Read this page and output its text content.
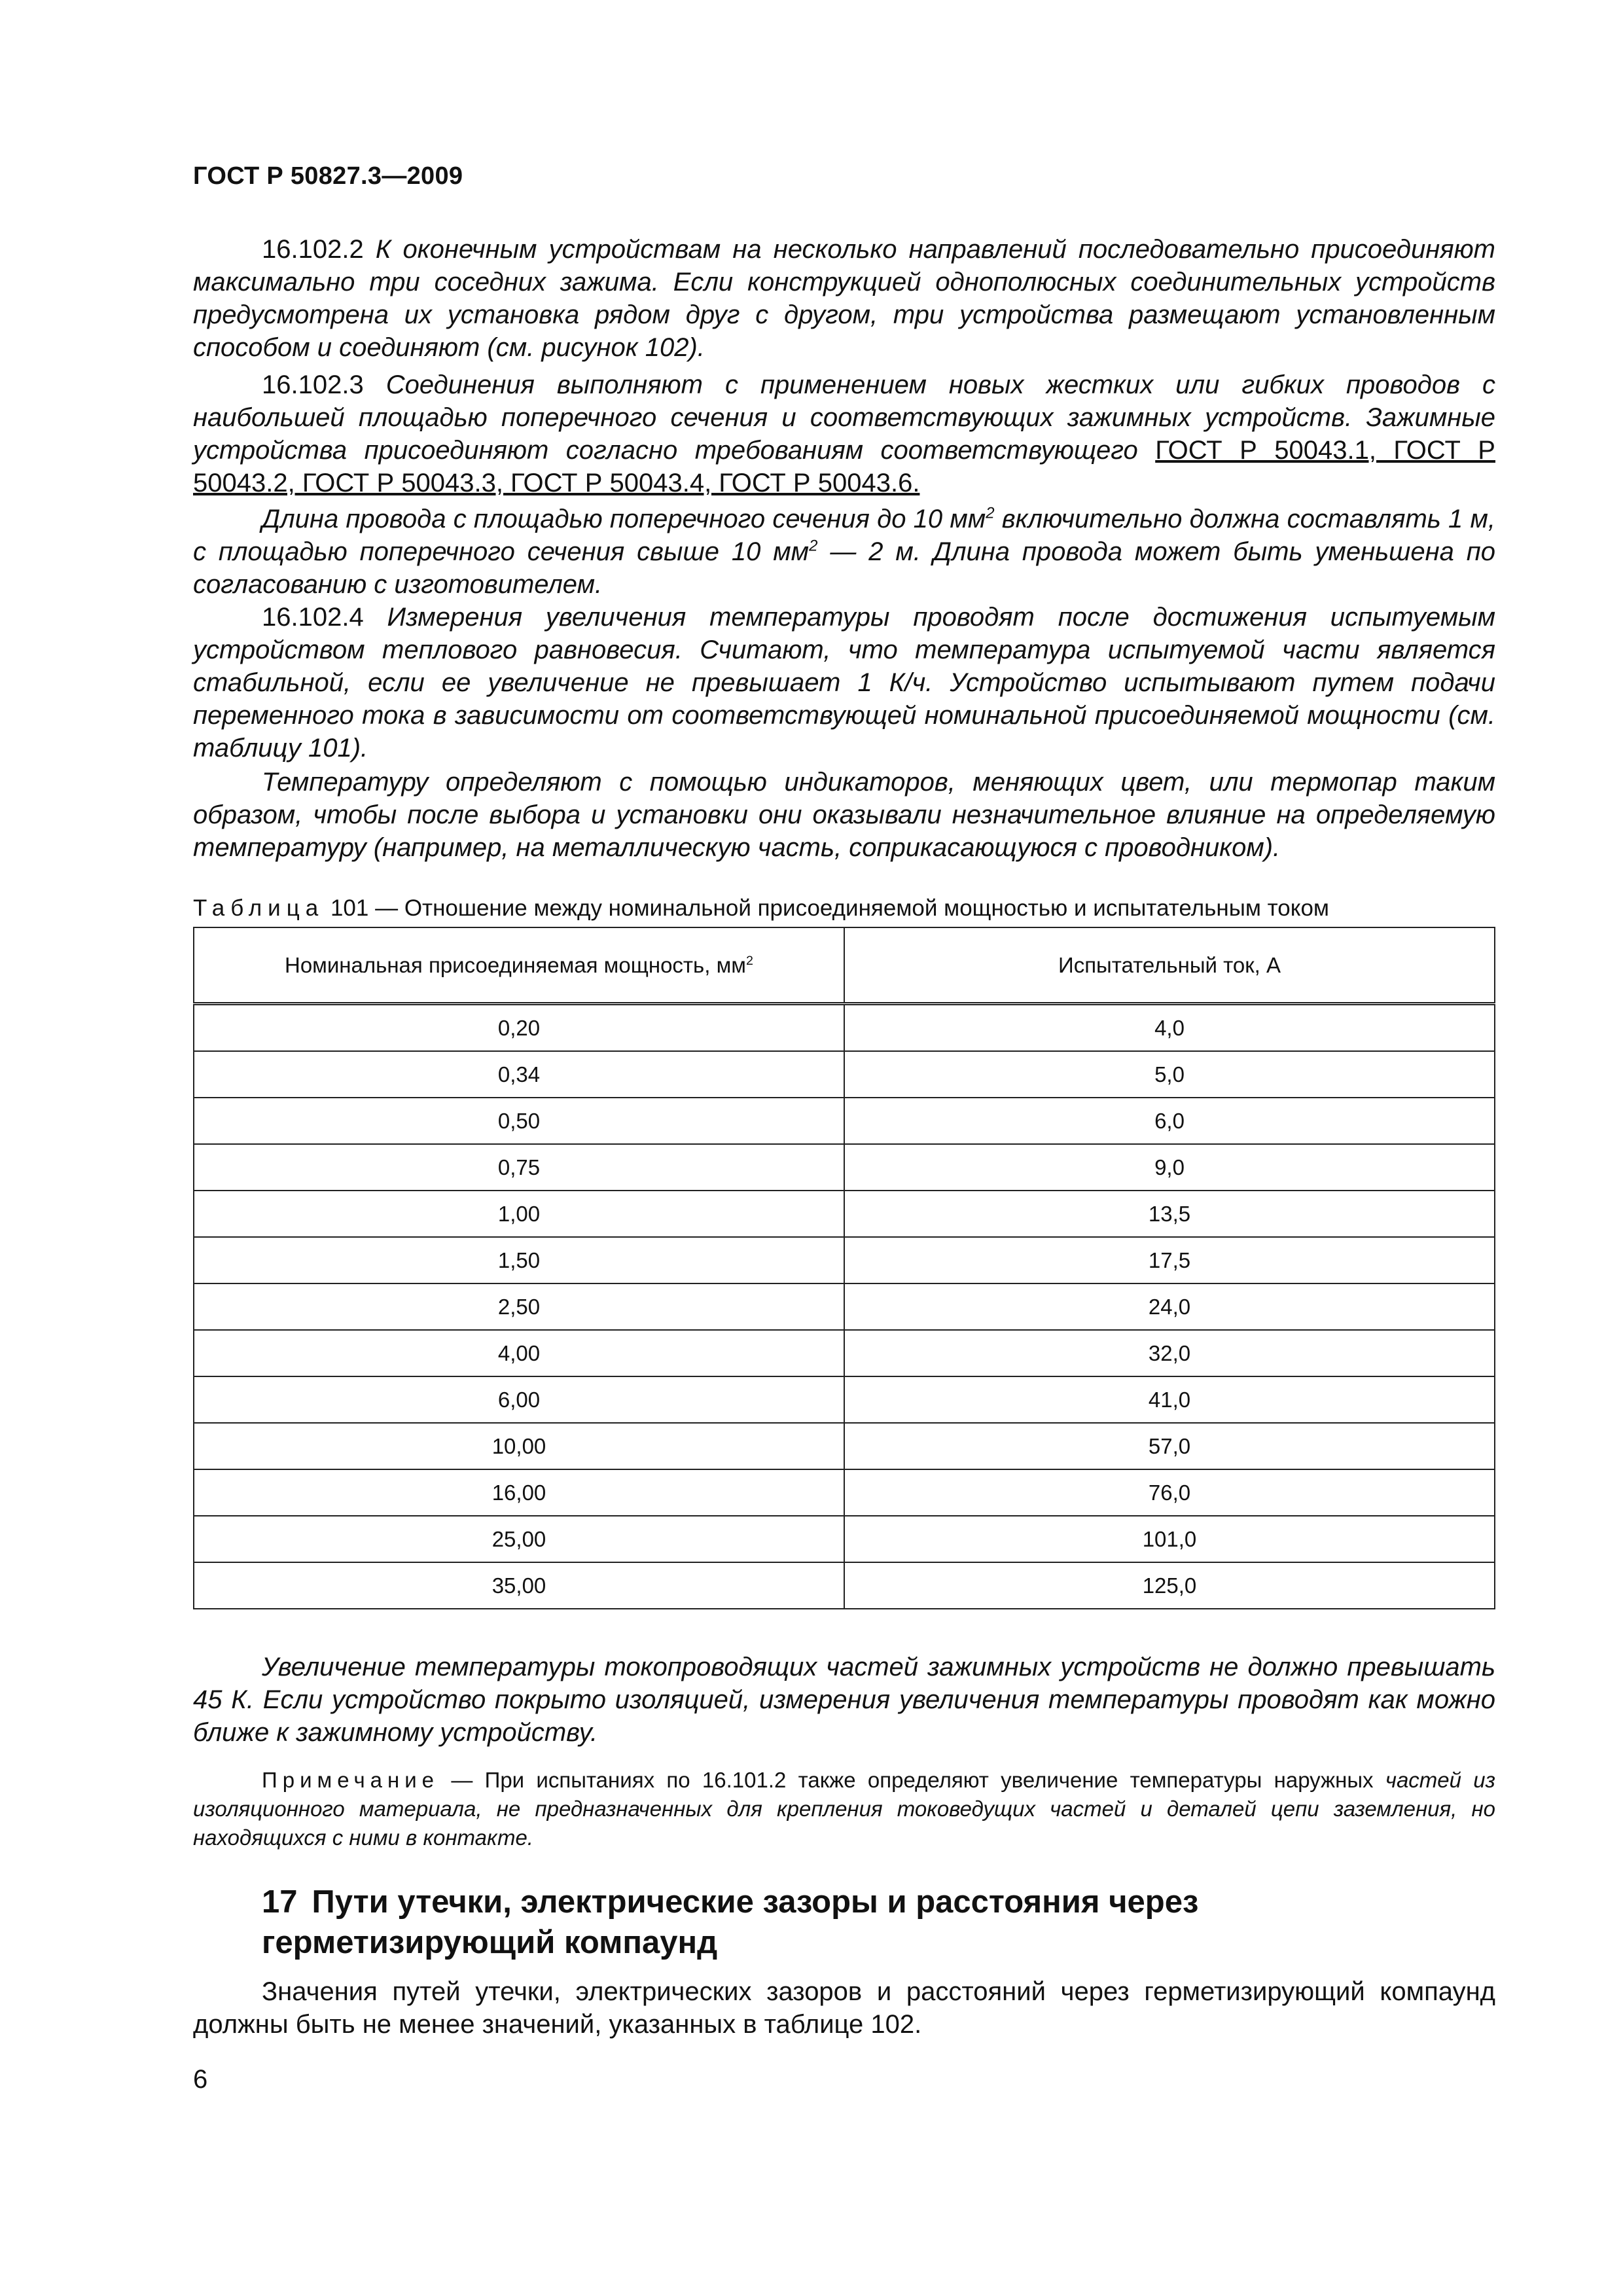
ГОСТ Р 50827.3—2009

16.102.2 К оконечным устройствам на несколько направлений последовательно присоединяют максимально три соседних зажима. Если конструкцией однополюсных соединительных устройств предусмотрена их установка рядом друг с другом, три устройства размещают установленным способом и соединяют (см. рисунок 102).

16.102.3 Соединения выполняют с применением новых жестких или гибких проводов с наибольшей площадью поперечного сечения и соответствующих зажимных устройств. Зажимные устройства присоединяют согласно требованиям соответствующего ГОСТ Р 50043.1, ГОСТ Р 50043.2, ГОСТ Р 50043.3, ГОСТ Р 50043.4, ГОСТ Р 50043.6.

Длина провода с площадью поперечного сечения до 10 $мм^2$ включительно должна составлять 1 м, с площадью поперечного сечения свыше 10 $мм^2$ — 2 м. Длина провода может быть уменьшена по согласованию с изготовителем.

16.102.4 Измерения увеличения температуры проводят после достижения испытуемым устройством теплового равновесия. Считают, что температура испытуемой части является стабильной, если ее увеличение не превышает 1 К/ч. Устройство испытывают путем подачи переменного тока в зависимости от соответствующей номинальной присоединяемой мощности (см. таблицу 101).

Температуру определяют с помощью индикаторов, меняющих цвет, или термопар таким образом, чтобы после выбора и установки они оказывали незначительное влияние на определяемую температуру (например, на металлическую часть, соприкасающуюся с проводником).

Таблица 101 — Отношение между номинальной присоединяемой мощностью и испытательным током
Номинальная присоединяемая мощность, $мм^2$	Испытательный ток, А
0,20	4,0
0,34	5,0
0,50	6,0
0,75	9,0
1,00	13,5
1,50	17,5
2,50	24,0
4,00	32,0
6,00	41,0
10,00	57,0
16,00	76,0
25,00	101,0
35,00	125,0

Увеличение температуры токопроводящих частей зажимных устройств не должно превышать 45 К. Если устройство покрыто изоляцией, измерения увеличения температуры проводят как можно ближе к зажимному устройству.

Примечание — При испытаниях по 16.101.2 также определяют увеличение температуры наружных частей из изоляционного материала, не предназначенных для крепления токоведущих частей и деталей цепи заземления, но находящихся с ними в контакте.

17 Пути утечки, электрические зазоры и расстояния через герметизирующий компаунд

Значения путей утечки, электрических зазоров и расстояний через герметизирующий компаунд должны быть не менее значений, указанных в таблице 102.

6
